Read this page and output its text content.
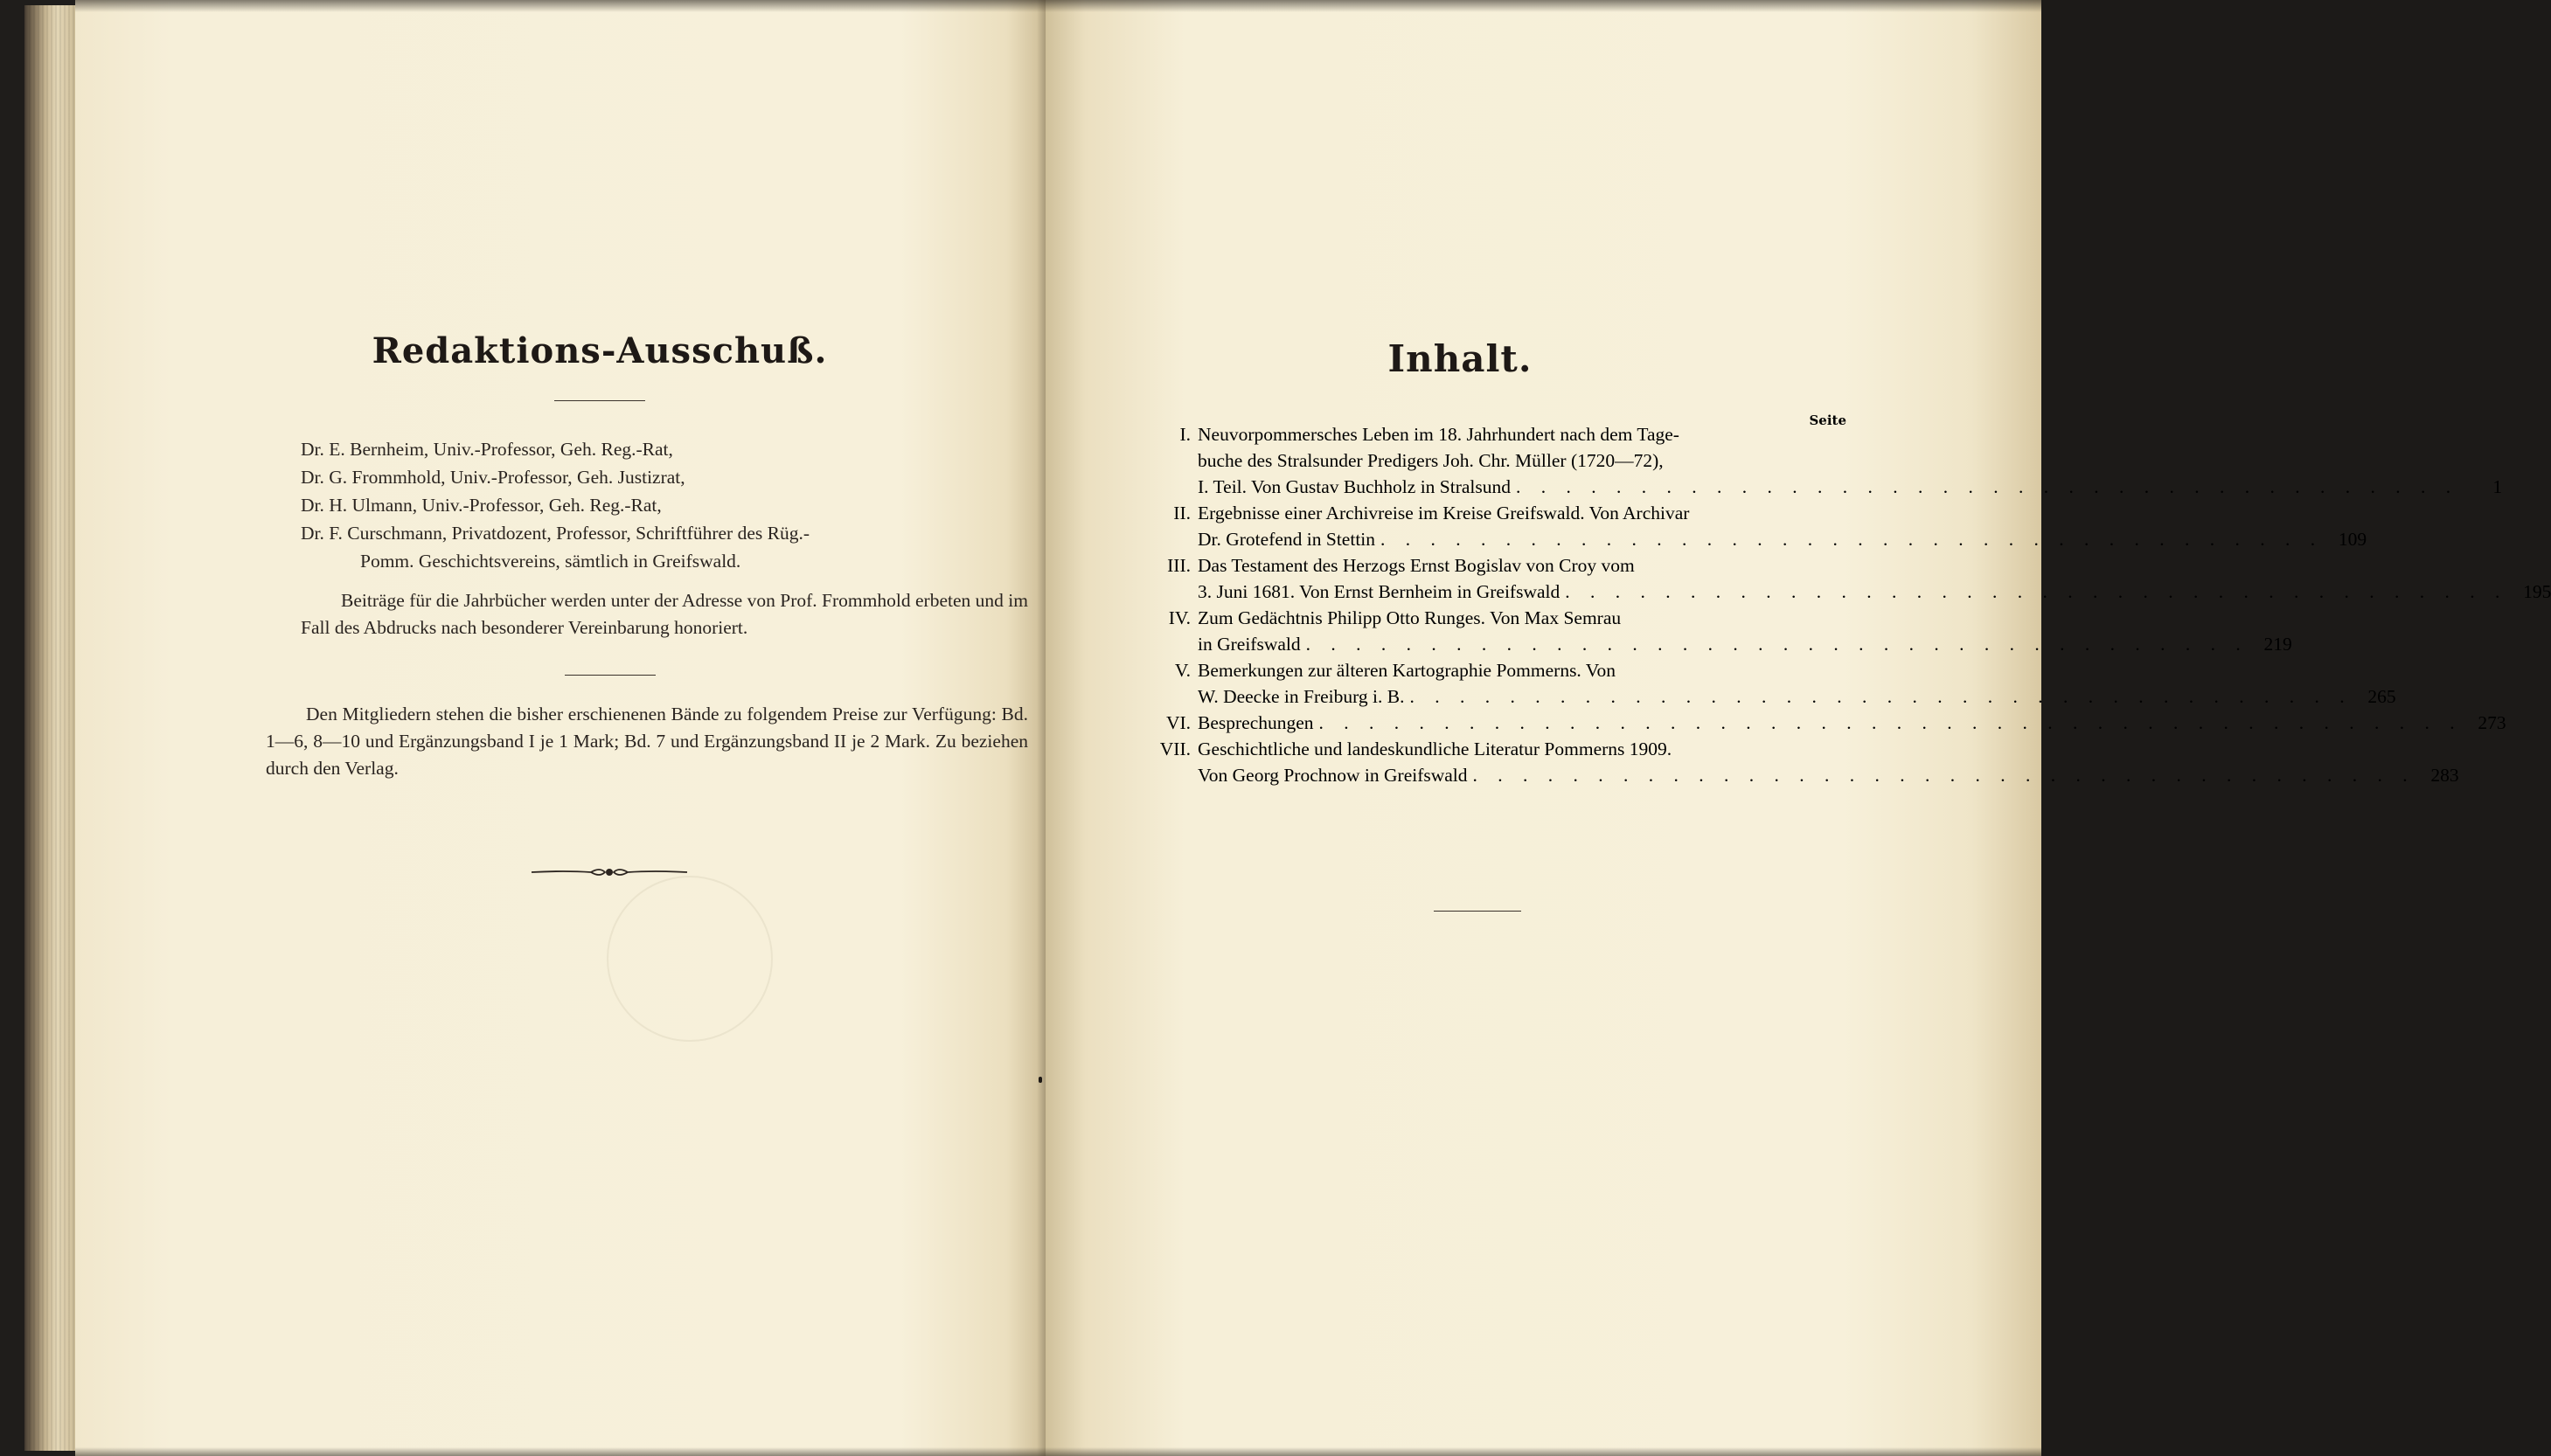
Redaktions-Ausschuß.
Dr. E. Bernheim, Univ.-Professor, Geh. Reg.-Rat,
Dr. G. Frommhold, Univ.-Professor, Geh. Justizrat,
Dr. H. Ulmann, Univ.-Professor, Geh. Reg.-Rat,
Dr. F. Curschmann, Privatdozent, Professor, Schriftführer des Rüg.-
Pomm. Geschichtsvereins, sämtlich in Greifswald.
Beiträge für die Jahrbücher werden unter der Adresse von Prof. Frommhold erbeten und im Fall des Abdrucks nach besonderer Vereinbarung honoriert.
Den Mitgliedern stehen die bisher erschienenen Bände zu folgendem Preise zur Verfügung: Bd. 1—6, 8—10 und Ergänzungsband I je 1 Mark; Bd. 7 und Ergänzungsband II je 2 Mark. Zu beziehen durch den Verlag.
Inhalt.
Seite
I. Neuvorpommersches Leben im 18. Jahrhundert nach dem Tage-
buche des Stralsunder Predigers Joh. Chr. Müller (1720—72),
I. Teil. Von Gustav Buchholz in Stralsund . . . . . . . . . . . . . . . . . . . . . . . . . . . . . . . . . . . . . .	1
II. Ergebnisse einer Archivreise im Kreise Greifswald. Von Archivar
Dr. Grotefend in Stettin . . . . . . . . . . . . . . . . . . . . . . . . . . . . . . . . . . . . . . 109
III. Das Testament des Herzogs Ernst Bogislav von Croy vom
3. Juni 1681. Von Ernst Bernheim in Greifswald . . . . . . . . . . . . . . . . . . . . . . . . . . . . . . . . . . . . . . 195
IV. Zum Gedächtnis Philipp Otto Runges. Von Max Semrau
in Greifswald . . . . . . . . . . . . . . . . . . . . . . . . . . . . . . . . . . . . . . 219
V. Bemerkungen zur älteren Kartographie Pommerns. Von
W. Deecke in Freiburg i. B. . . . . . . . . . . . . . . . . . . . . . . . . . . . . . . . . . . . . . . 265
VI. Besprechungen . . . . . . . . . . . . . . . . . . . . . . . . . . . . . . . . . . . . . . . . . . . . . . 273
VII. Geschichtliche und landeskundliche Literatur Pommerns 1909.
Von Georg Prochnow in Greifswald . . . . . . . . . . . . . . . . . . . . . . . . . . . . . . . . . . . . . . 283
